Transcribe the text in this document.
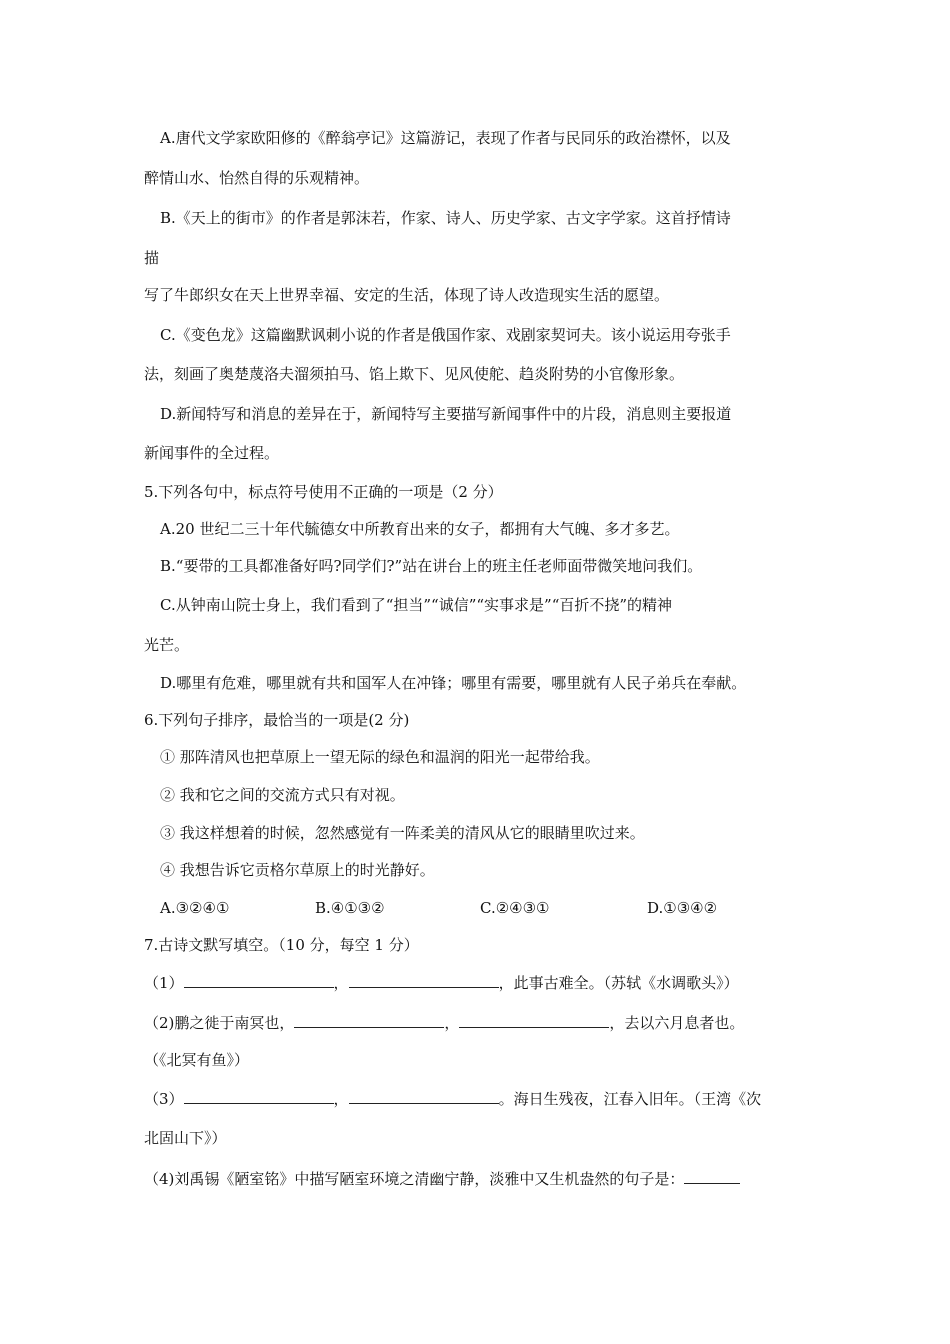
A.唐代文学家欧阳修的《醉翁亭记》这篇游记，表现了作者与民同乐的政治襟怀，以及
醉情山水、怡然自得的乐观精神。
B.《天上的街市》的作者是郭沫若，作家、诗人、历史学家、古文字学家。这首抒情诗
描
写了牛郎织女在天上世界幸福、安定的生活，体现了诗人改造现实生活的愿望。
C.《变色龙》这篇幽默讽刺小说的作者是俄国作家、戏剧家契诃夫。该小说运用夸张手
法，刻画了奥楚蔑洛夫溜须拍马、馅上欺下、见风使舵、趋炎附势的小官像形象。
D.新闻特写和消息的差异在于，新闻特写主要描写新闻事件中的片段，消息则主要报道
新闻事件的全过程。
5.下列各句中，标点符号使用不正确的一项是（2 分）
A.20 世纪二三十年代毓德女中所教育出来的女子，都拥有大气魄、多才多艺。
B.“要带的工具都准备好吗?同学们?”站在讲台上的班主任老师面带微笑地问我们。
C.从钟南山院士身上，我们看到了“担当”“诚信”“实事求是”“百折不挠”的精神
光芒。
D.哪里有危难，哪里就有共和国军人在冲锋；哪里有需要，哪里就有人民子弟兵在奉献。
6.下列句子排序，最恰当的一项是(2 分)
① 那阵清风也把草原上一望无际的绿色和温润的阳光一起带给我。
② 我和它之间的交流方式只有对视。
③ 我这样想着的时候，忽然感觉有一阵柔美的清风从它的眼睛里吹过来。
④ 我想告诉它贡格尔草原上的时光静好。
A.③②④①	B.④①③②	C.②④③①	D.①③④②
7.古诗文默写填空。（10 分，每空 1 分）
（1）	，	，此事古难全。（苏轼《水调歌头》）
（2)鹏之徙于南冥也，	，	，去以六月息者也。
（《北冥有鱼》）
（3）	，	。海日生残夜，江春入旧年。（王湾《次
北固山下》）
（4)刘禹锡《陋室铭》中描写陋室环境之清幽宁静，淡雅中又生机盎然的句子是：
